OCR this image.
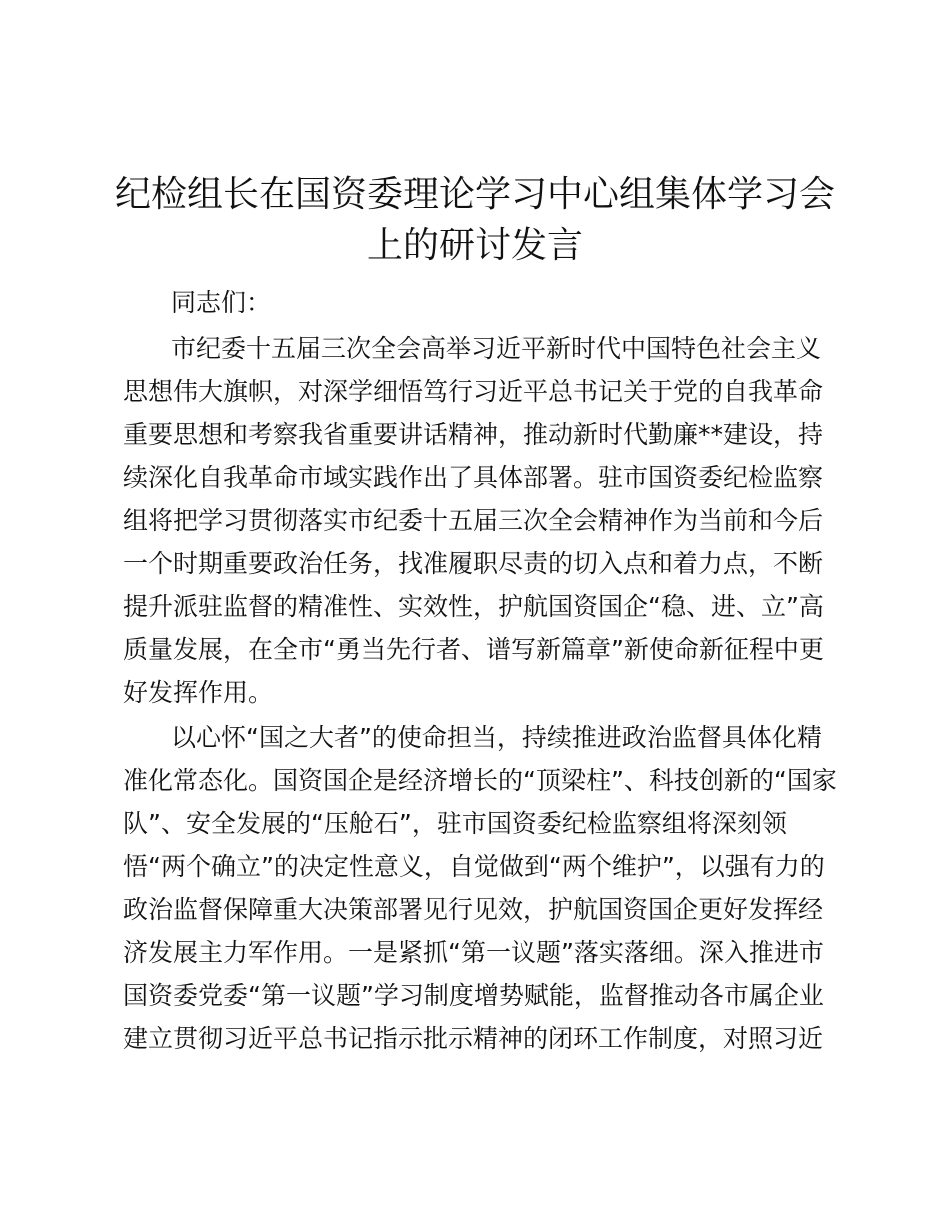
纪检组长在国资委理论学习中心组集体学习会
上的研讨发言
同志们：
市纪委十五届三次全会高举习近平新时代中国特色社会主义
思想伟大旗帜，对深学细悟笃行习近平总书记关于党的自我革命
重要思想和考察我省重要讲话精神，推动新时代勤廉**建设，持
续深化自我革命市域实践作出了具体部署。驻市国资委纪检监察
组将把学习贯彻落实市纪委十五届三次全会精神作为当前和今后
一个时期重要政治任务，找准履职尽责的切入点和着力点，不断
提升派驻监督的精准性、实效性，护航国资国企“稳、进、立”高
质量发展，在全市“勇当先行者、谱写新篇章”新使命新征程中更
好发挥作用。
以心怀“国之大者”的使命担当，持续推进政治监督具体化精
准化常态化。国资国企是经济增长的“顶梁柱”、科技创新的“国家
队”、安全发展的“压舱石”，驻市国资委纪检监察组将深刻领
悟“两个确立”的决定性意义，自觉做到“两个维护”，以强有力的
政治监督保障重大决策部署见行见效，护航国资国企更好发挥经
济发展主力军作用。一是紧抓“第一议题”落实落细。深入推进市
国资委党委“第一议题”学习制度增势赋能，监督推动各市属企业
建立贯彻习近平总书记指示批示精神的闭环工作制度，对照习近
